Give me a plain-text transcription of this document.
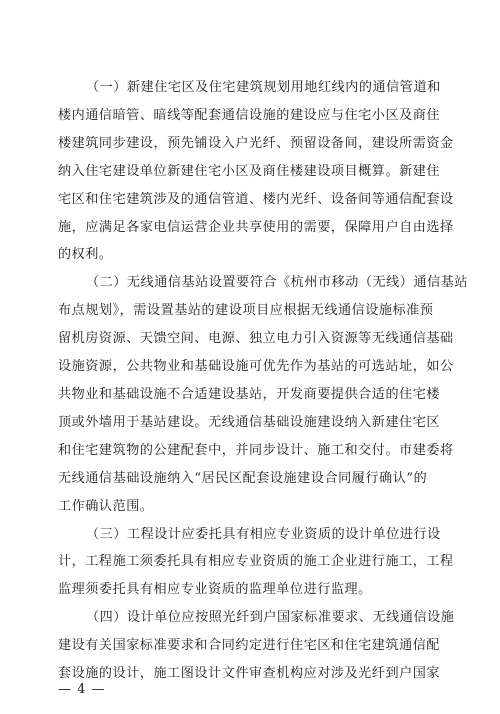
（一）新建住宅区及住宅建筑规划用地红线内的通信管道和
楼内通信暗管、暗线等配套通信设施的建设应与住宅小区及商住
楼建筑同步建设，预先铺设入户光纤、预留设备间，建设所需资金
纳入住宅建设单位新建住宅小区及商住楼建设项目概算。新建住
宅区和住宅建筑涉及的通信管道、楼内光纤、设备间等通信配套设
施，应满足各家电信运营企业共享使用的需要，保障用户自由选择
的权利。
（二）无线通信基站设置要符合《杭州市移动（无线）通信基站
布点规划》，需设置基站的建设项目应根据无线通信设施标准预
留机房资源、天馈空间、电源、独立电力引入资源等无线通信基础
设施资源，公共物业和基础设施可优先作为基站的可选站址，如公
共物业和基础设施不合适建设基站，开发商要提供合适的住宅楼
顶或外墙用于基站建设。无线通信基础设施建设纳入新建住宅区
和住宅建筑物的公建配套中，并同步设计、施工和交付。市建委将
无线通信基础设施纳入“居民区配套设施建设合同履行确认”的
工作确认范围。
（三）工程设计应委托具有相应专业资质的设计单位进行设
计，工程施工须委托具有相应专业资质的施工企业进行施工，工程
监理须委托具有相应专业资质的监理单位进行监理。
（四）设计单位应按照光纤到户国家标准要求、无线通信设施
建设有关国家标准要求和合同约定进行住宅区和住宅建筑通信配
套设施的设计，施工图设计文件审查机构应对涉及光纤到户国家
— 4 —
